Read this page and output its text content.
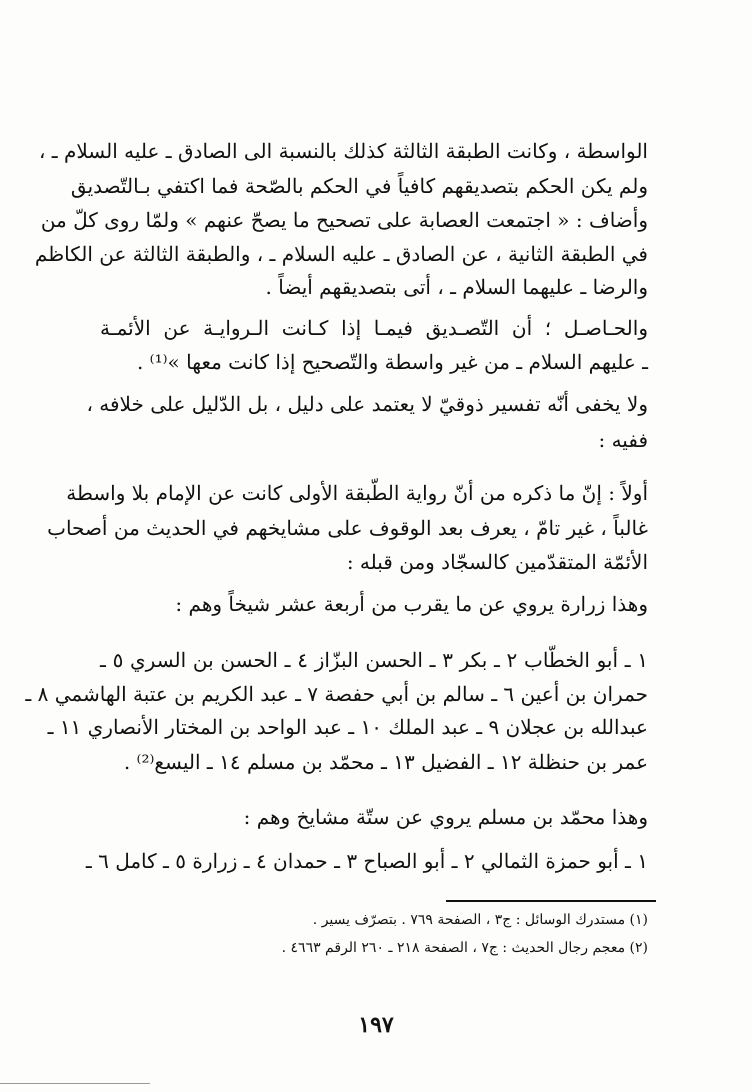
الواسطة ، وكانت الطبقة الثالثة كذلك بالنسبة الى الصادق ـ عليه السلام ـ ،
ولم يكن الحكم بتصديقهم كافياً في الحكم بالصّحة فما اكتفي بـالتّصديق
وأضاف : « اجتمعت العصابة على تصحيح ما يصحّ عنهم » ولمّا روى كلّ من
في الطبقة الثانية ، عن الصادق ـ عليه السلام ـ ، والطبقة الثالثة عن الكاظم
والرضا ـ عليهما السلام ـ ، أتى بتصديقهم أيضاً .
والحـاصـل ؛ أن التّصـديق فيمـا إذا كـانت الـروايـة عن الأئمـة
ـ عليهم السلام ـ من غير واسطة والتّصحيح إذا كانت معها »⁽¹⁾ .
ولا يخفى أنّه تفسير ذوقيّ لا يعتمد على دليل ، بل الدّليل على خلافه ،
ففيه :
أولاً : إنّ ما ذكره من أنّ رواية الطّبقة الأولى كانت عن الإمام بلا واسطة
غالباً ، غير تامّ ، يعرف بعد الوقوف على مشايخهم في الحديث من أصحاب
الأئمّة المتقدّمين كالسجّاد ومن قبله :
وهذا زرارة يروي عن ما يقرب من أربعة عشر شيخاً وهم :
١ ـ أبو الخطّاب ٢ ـ بكر ٣ ـ الحسن البزّاز ٤ ـ الحسن بن السري ٥ ـ
حمران بن أعين ٦ ـ سالم بن أبي حفصة ٧ ـ عبد الكريم بن عتبة الهاشمي ٨ ـ
عبدالله بن عجلان ٩ ـ عبد الملك ١٠ ـ عبد الواحد بن المختار الأنصاري ١١ ـ
عمر بن حنظلة ١٢ ـ الفضيل ١٣ ـ محمّد بن مسلم ١٤ ـ اليسع⁽²⁾ .
وهذا محمّد بن مسلم يروي عن ستّة مشايخ وهم :
١ ـ أبو حمزة الثمالي ٢ ـ أبو الصباح ٣ ـ حمدان ٤ ـ زرارة ٥ ـ كامل ٦ ـ
(١) مستدرك الوسائل : ج٣ ، الصفحة ٧٦٩ . بتصرّف يسير .
(٢) معجم رجال الحديث : ج٧ ، الصفحة ٢١٨ ـ ٢٦٠ الرقم ٤٦٦٣ .
١٩٧
